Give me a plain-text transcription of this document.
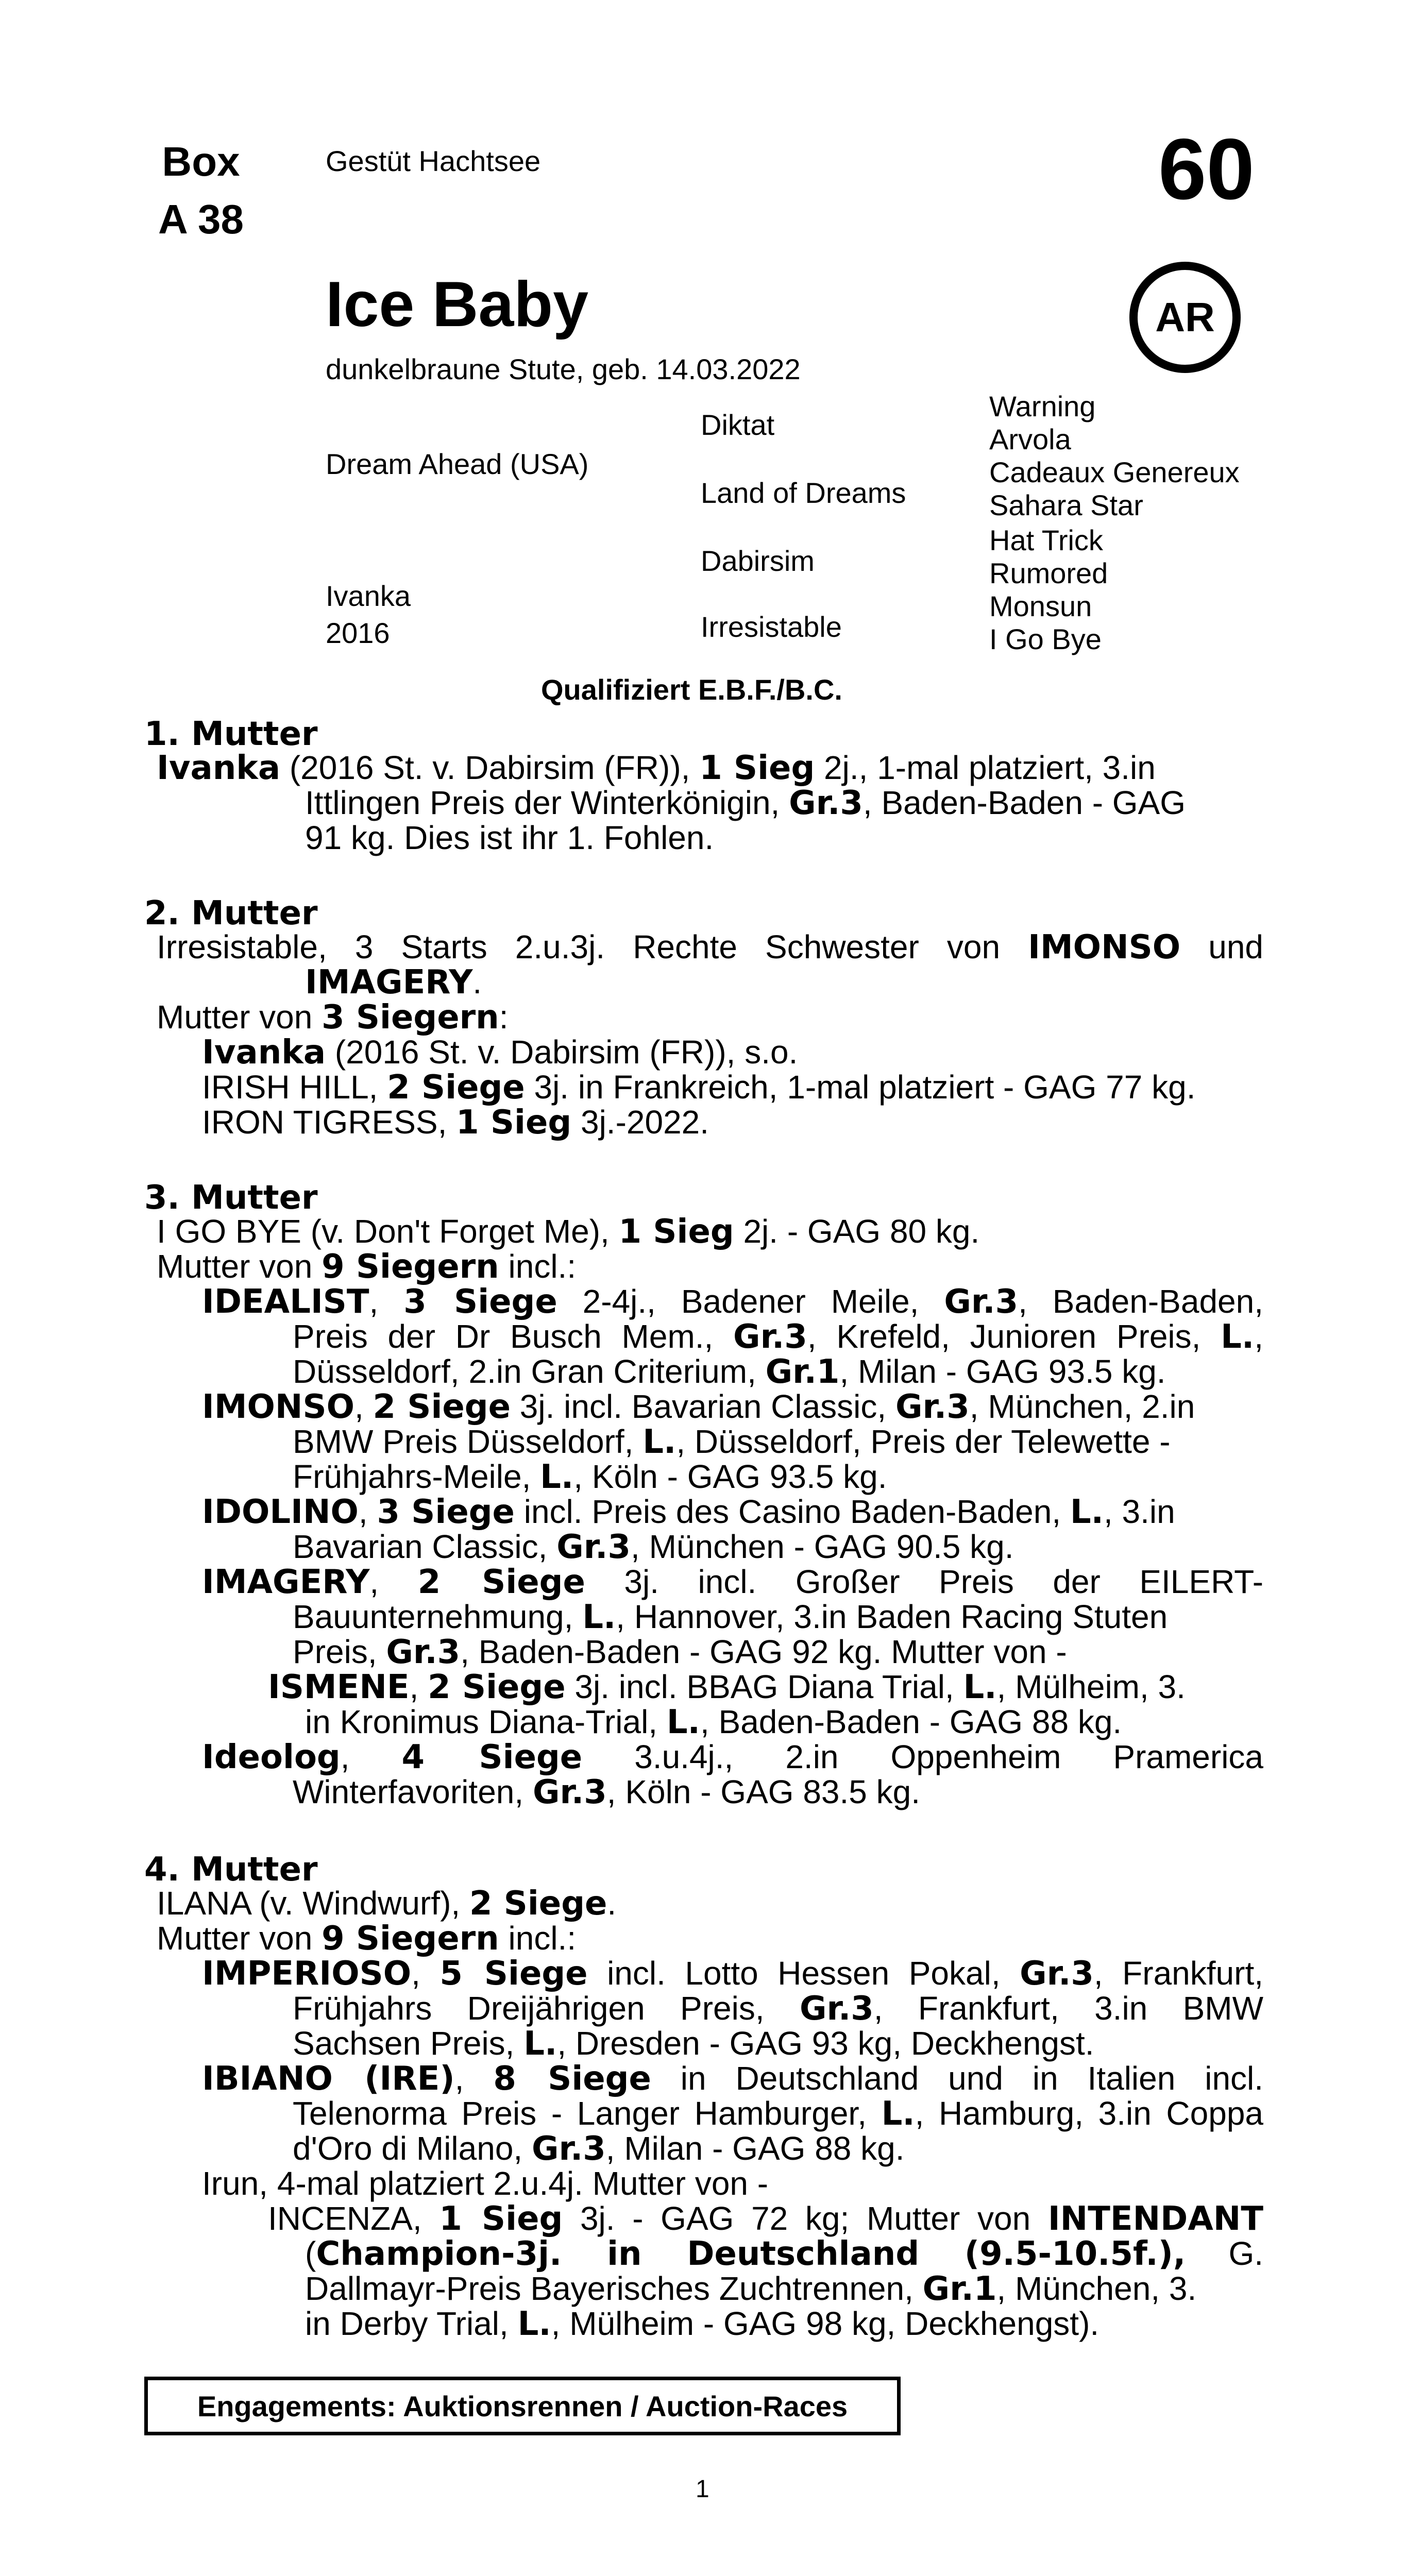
Box
A 38
Gestüt Hachtsee	60
Ice Baby	AR
dunkelbraune Stute, geb. 14.03.2022
Dream Ahead (USA)
Ivanka
2016
Diktat
Land of Dreams
Dabirsim
Irresistable
Warning
Arvola
Cadeaux Genereux
Sahara Star
Hat Trick
Rumored
Monsun
I Go Bye
Qualifiziert E.B.F./B.C.
1. Mutter
Ivanka (2016 St. v. Dabirsim (FR)), 1 Sieg 2j., 1-mal platziert, 3.in
Ittlingen Preis der Winterkönigin, Gr.3, Baden-Baden - GAG
91 kg. Dies ist ihr 1. Fohlen.
2. Mutter
Irresistable, 3 Starts 2.u.3j. Rechte Schwester von IMONSO und
IMAGERY.
Mutter von 3 Siegern:
Ivanka (2016 St. v. Dabirsim (FR)), s.o.
IRISH HILL, 2 Siege 3j. in Frankreich, 1-mal platziert - GAG 77 kg.
IRON TIGRESS, 1 Sieg 3j.-2022.
3. Mutter
I GO BYE (v. Don't Forget Me), 1 Sieg 2j. - GAG 80 kg.
Mutter von 9 Siegern incl.:
IDEALIST, 3 Siege 2-4j., Badener Meile, Gr.3, Baden-Baden,
Preis der Dr Busch Mem., Gr.3, Krefeld, Junioren Preis, L.,
Düsseldorf, 2.in Gran Criterium, Gr.1, Milan - GAG 93.5 kg.
IMONSO, 2 Siege 3j. incl. Bavarian Classic, Gr.3, München, 2.in
BMW Preis Düsseldorf, L., Düsseldorf, Preis der Telewette -
Frühjahrs-Meile, L., Köln - GAG 93.5 kg.
IDOLINO, 3 Siege incl. Preis des Casino Baden-Baden, L., 3.in
Bavarian Classic, Gr.3, München - GAG 90.5 kg.
IMAGERY, 2 Siege 3j. incl. Großer Preis der EILERT-
Bauunternehmung, L., Hannover, 3.in Baden Racing Stuten
Preis, Gr.3, Baden-Baden - GAG 92 kg. Mutter von -
ISMENE, 2 Siege 3j. incl. BBAG Diana Trial, L., Mülheim, 3.
in Kronimus Diana-Trial, L., Baden-Baden - GAG 88 kg.
Ideolog, 4 Siege 3.u.4j., 2.in Oppenheim Pramerica
Winterfavoriten, Gr.3, Köln - GAG 83.5 kg.
4. Mutter
ILANA (v. Windwurf), 2 Siege.
Mutter von 9 Siegern incl.:
IMPERIOSO, 5 Siege incl. Lotto Hessen Pokal, Gr.3, Frankfurt,
Frühjahrs Dreijährigen Preis, Gr.3, Frankfurt, 3.in BMW
Sachsen Preis, L., Dresden - GAG 93 kg, Deckhengst.
IBIANO (IRE), 8 Siege in Deutschland und in Italien incl.
Telenorma Preis - Langer Hamburger, L., Hamburg, 3.in Coppa
d'Oro di Milano, Gr.3, Milan - GAG 88 kg.
Irun, 4-mal platziert 2.u.4j. Mutter von -
INCENZA, 1 Sieg 3j. - GAG 72 kg; Mutter von INTENDANT
(Champion-3j. in Deutschland (9.5-10.5f.), G.
Dallmayr-Preis Bayerisches Zuchtrennen, Gr.1, München, 3.
in Derby Trial, L., Mülheim - GAG 98 kg, Deckhengst).
Engagements: Auktionsrennen / Auction-Races
1
